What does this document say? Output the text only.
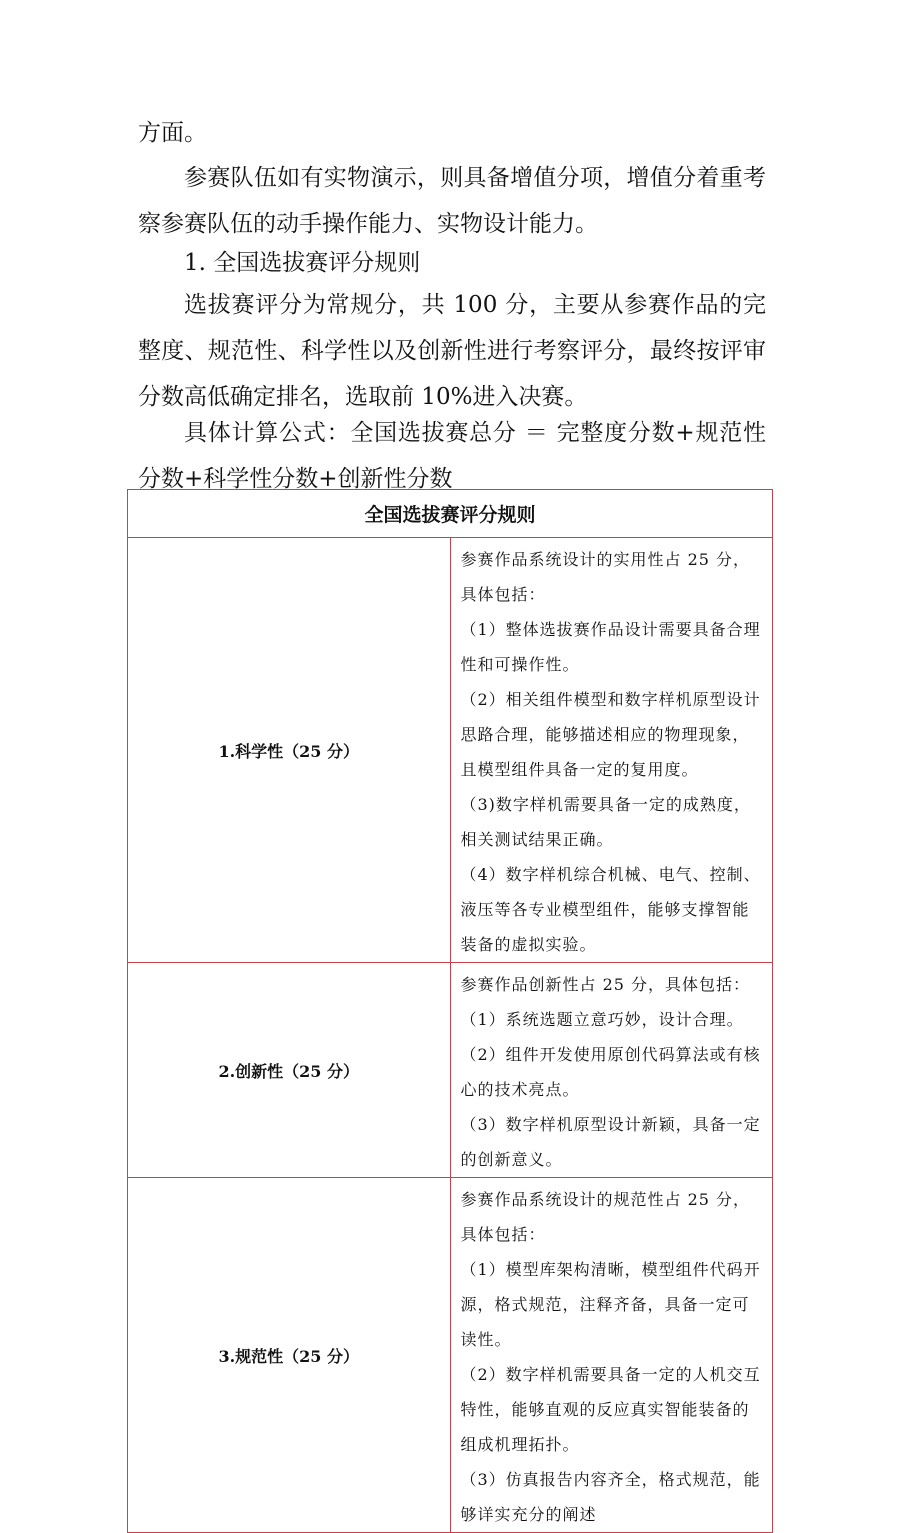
方面。

参赛队伍如有实物演示，则具备增值分项，增值分着重考察参赛队伍的动手操作能力、实物设计能力。

1. 全国选拔赛评分规则

选拔赛评分为常规分，共 100 分，主要从参赛作品的完整度、规范性、科学性以及创新性进行考察评分，最终按评审分数高低确定排名，选取前 10%进入决赛。

具体计算公式：全国选拔赛总分 ＝ 完整度分数+规范性分数+科学性分数+创新性分数

全国选拔赛评分规则	
1.科学性（25 分）	参赛作品系统设计的实用性占 25 分，具体包括：

（1）整体选拔赛作品设计需要具备合理性和可操作性。

（2）相关组件模型和数字样机原型设计思路合理，能够描述相应的物理现象，且模型组件具备一定的复用度。

（3)数字样机需要具备一定的成熟度，相关测试结果正确。

（4）数字样机综合机械、电气、控制、液压等各专业模型组件，能够支撑智能装备的虚拟实验。

2.创新性（25 分）	参赛作品创新性占 25 分，具体包括：

（1）系统选题立意巧妙，设计合理。

（2）组件开发使用原创代码算法或有核心的技术亮点。

（3）数字样机原型设计新颖，具备一定的创新意义。

3.规范性（25 分）	参赛作品系统设计的规范性占 25 分，具体包括：

（1）模型库架构清晰，模型组件代码开源，格式规范，注释齐备，具备一定可读性。

（2）数字样机需要具备一定的人机交互特性，能够直观的反应真实智能装备的组成机理拓扑。

（3）仿真报告内容齐全，格式规范，能够详实充分的阐述
